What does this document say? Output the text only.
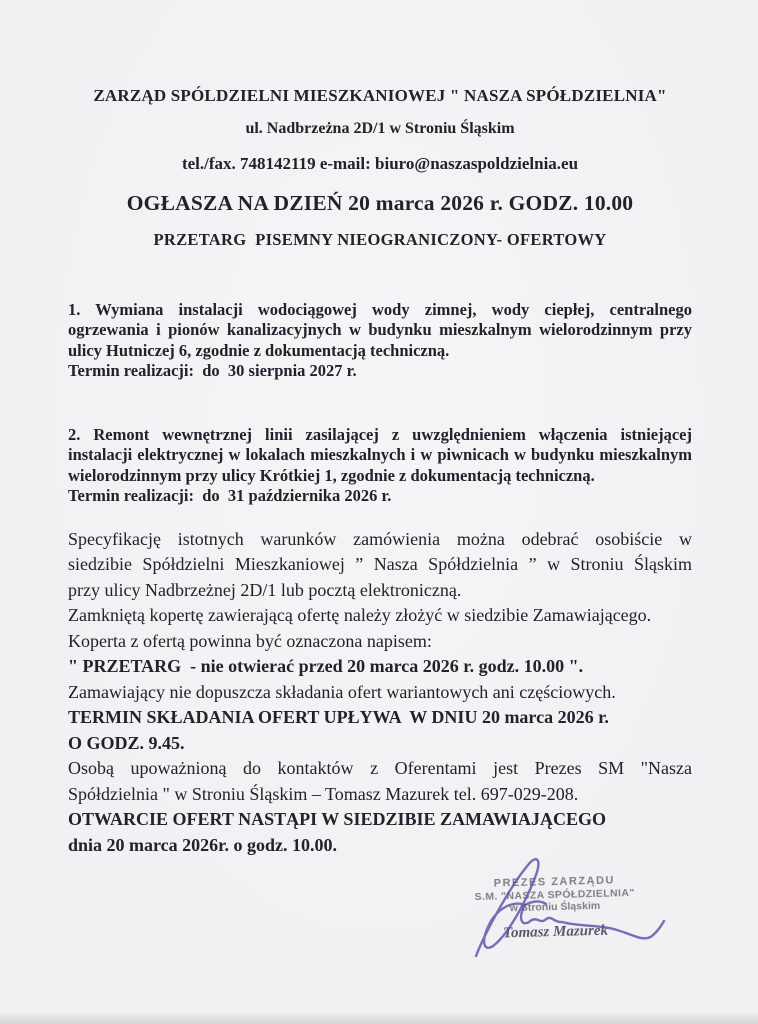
ZARZĄD SPÓLDZIELNI MIESZKANIOWEJ " NASZA SPÓŁDZIELNIA"
ul. Nadbrzeżna 2D/1 w Stroniu Śląskim
tel./fax. 748142119 e-mail: biuro@naszaspoldzielnia.eu
OGŁASZA NA DZIEŃ 20 marca 2026 r. GODZ. 10.00
PRZETARG  PISEMNY NIEOGRANICZONY- OFERTOWY
1. Wymiana instalacji wodociągowej wody zimnej, wody ciepłej, centralnego
ogrzewania i pionów kanalizacyjnych w budynku mieszkalnym wielorodzinnym przy
ulicy Hutniczej 6, zgodnie z dokumentacją techniczną.
Termin realizacji:  do  30 sierpnia 2027 r.
2. Remont wewnętrznej linii zasilającej z uwzględnieniem włączenia istniejącej
instalacji elektrycznej w lokalach mieszkalnych i w piwnicach w budynku mieszkalnym
wielorodzinnym przy ulicy Krótkiej 1, zgodnie z dokumentacją techniczną.
Termin realizacji:  do  31 października 2026 r.
Specyfikację istotnych warunków zamówienia można odebrać osobiście w
siedzibie Spółdzielni Mieszkaniowej ” Nasza Spółdzielnia ” w Stroniu Śląskim
przy ulicy Nadbrzeżnej 2D/1 lub pocztą elektroniczną.
Zamkniętą kopertę zawierającą ofertę należy złożyć w siedzibie Zamawiającego.
Koperta z ofertą powinna być oznaczona napisem:
" PRZETARG  - nie otwierać przed 20 marca 2026 r. godz. 10.00 ".
Zamawiający nie dopuszcza składania ofert wariantowych ani częściowych.
TERMIN SKŁADANIA OFERT UPŁYWA  W DNIU 20 marca 2026 r.
O GODZ. 9.45.
Osobą upoważnioną do kontaktów z Oferentami jest Prezes SM "Nasza
Spółdzielnia " w Stroniu Śląskim – Tomasz Mazurek tel. 697-029-208.
OTWARCIE OFERT NASTĄPI W SIEDZIBIE ZAMAWIAJĄCEGO
dnia 20 marca 2026r. o godz. 10.00.
PREZES ZARZĄDU
S.M. "NASZA SPÓŁDZIELNIA"
w Stroniu Śląskim
Tomasz Mazurek
